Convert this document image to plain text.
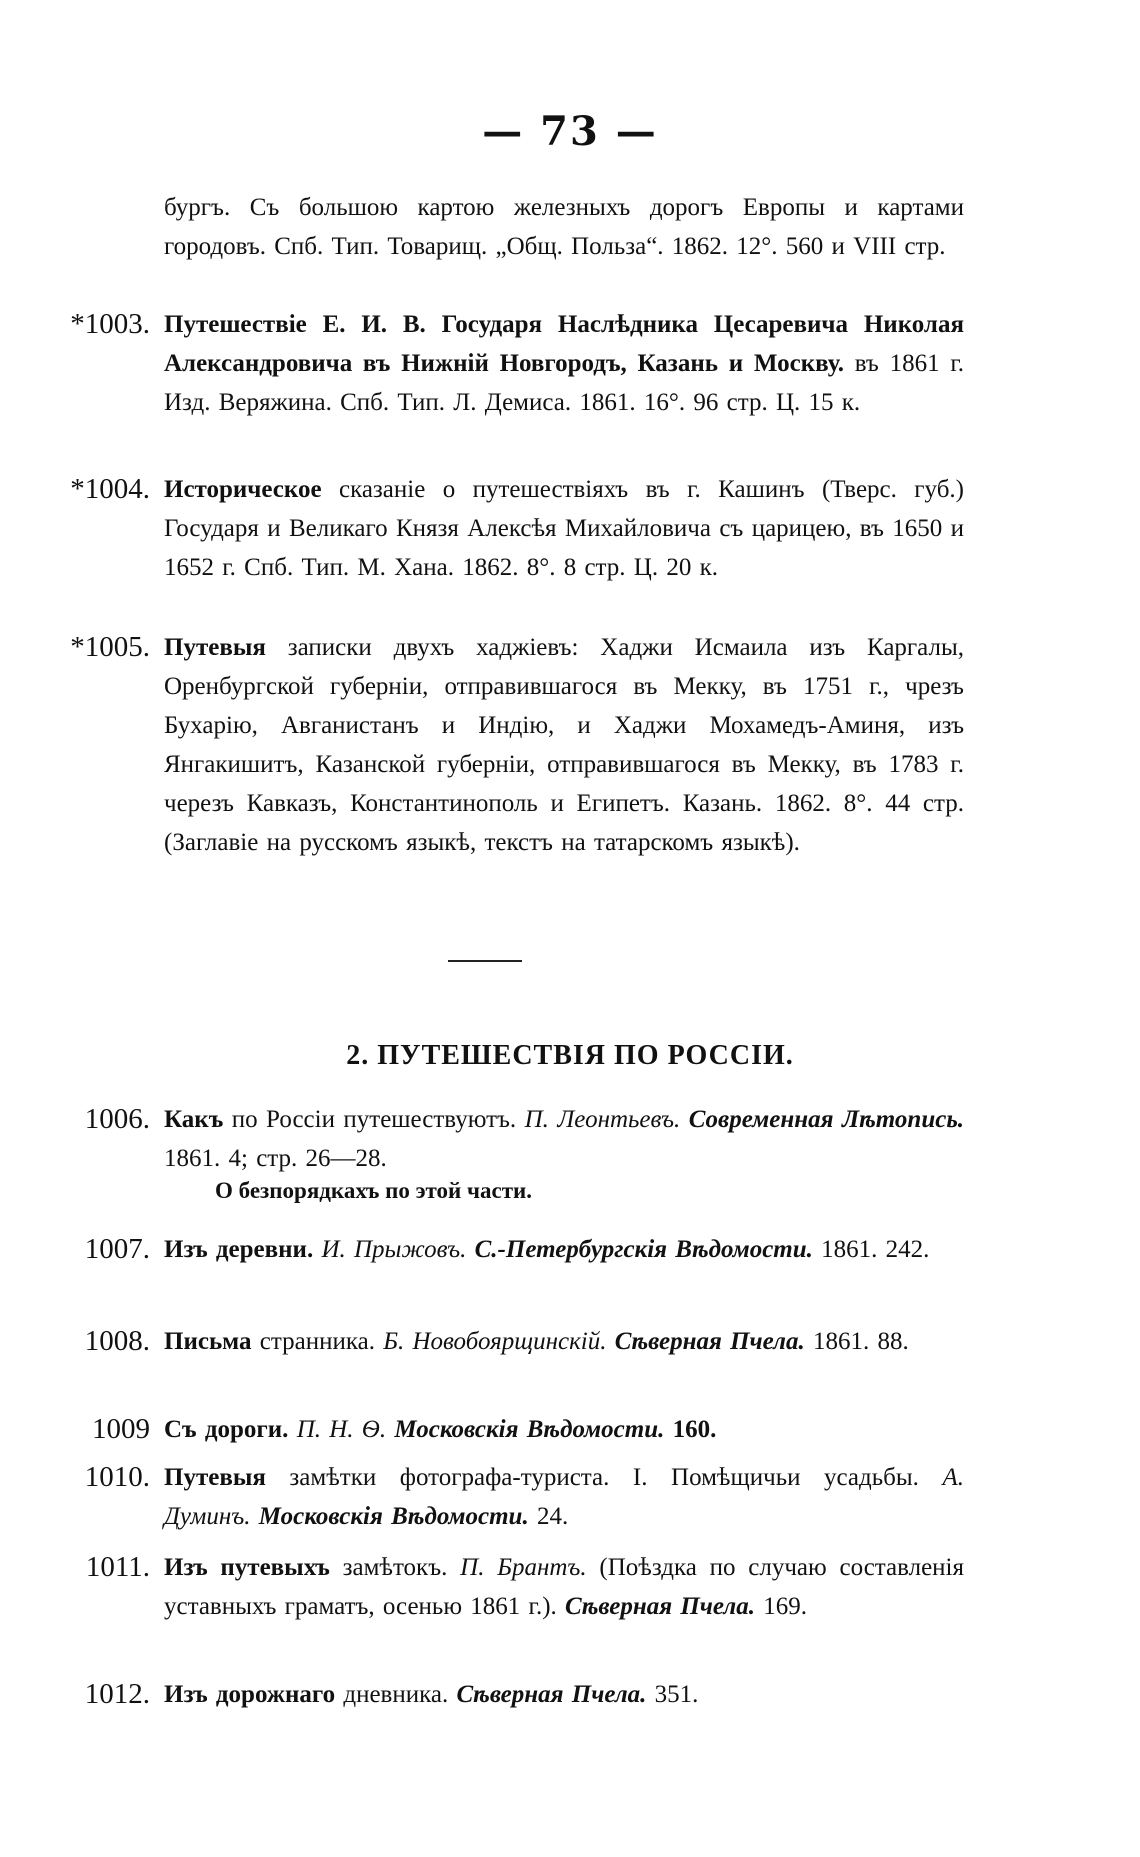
— 73 —
бургъ. Съ большою картою железныхъ дорогъ Европы и картами городовъ. Спб. Тип. Товарищ. „Общ. Польза“. 1862. 12°. 560 и VIII стр.
*1003. Путешествіе Е. И. В. Государя Наслѣдника Цесаревича Николая Александровича въ Нижній Новгородъ, Казань и Москву. въ 1861 г. Изд. Веряжина. Спб. Тип. Л. Демиса. 1861. 16°. 96 стр. Ц. 15 к.
*1004. Историческое сказаніе о путешествіяхъ въ г. Кашинъ (Тверс. губ.) Государя и Великаго Князя Алексѣя Михайловича съ царицею, въ 1650 и 1652 г. Спб. Тип. М. Хана. 1862. 8°. 8 стр. Ц. 20 к.
*1005. Путевыя записки двухъ хаджіевъ: Хаджи Исмаила изъ Каргалы, Оренбургской губерніи, отправившагося въ Мекку, въ 1751 г., чрезъ Бухарію, Авганистанъ и Индію, и Хаджи Мохамедъ-Аминя, изъ Янгакишитъ, Казанской губерніи, отправившагося въ Мекку, въ 1783 г. черезъ Кавказъ, Константинополь и Египетъ. Казань. 1862. 8°. 44 стр. (Заглавіе на русскомъ языкѣ, текстъ на татарскомъ языкѣ).
2. ПУТЕШЕСТВІЯ ПО РОССІИ.
1006. Какъ по Россіи путешествуютъ. П. Леонтьевъ. Современная Лѣтопись. 1861. 4; стр. 26—28.
О безпорядкахъ по этой части.
1007. Изъ деревни. И. Прыжовъ. С.-Петербургскія Вѣдомости. 1861. 242.
1008. Письма странника. Б. Новобоярщинскій. Сѣверная Пчела. 1861. 88.
1009 Съ дороги. П. Н. Ѳ. Московскія Вѣдомости. 160.
1010. Путевыя замѣтки фотографа-туриста. I. Помѣщичьи усадьбы. А. Думинъ. Московскія Вѣдомости. 24.
1011. Изъ путевыхъ замѣтокъ. П. Брантъ. (Поѣздка по случаю составленія уставныхъ граматъ, осенью 1861 г.). Сѣверная Пчела. 169.
1012. Изъ дорожнаго дневника. Сѣверная Пчела. 351.
